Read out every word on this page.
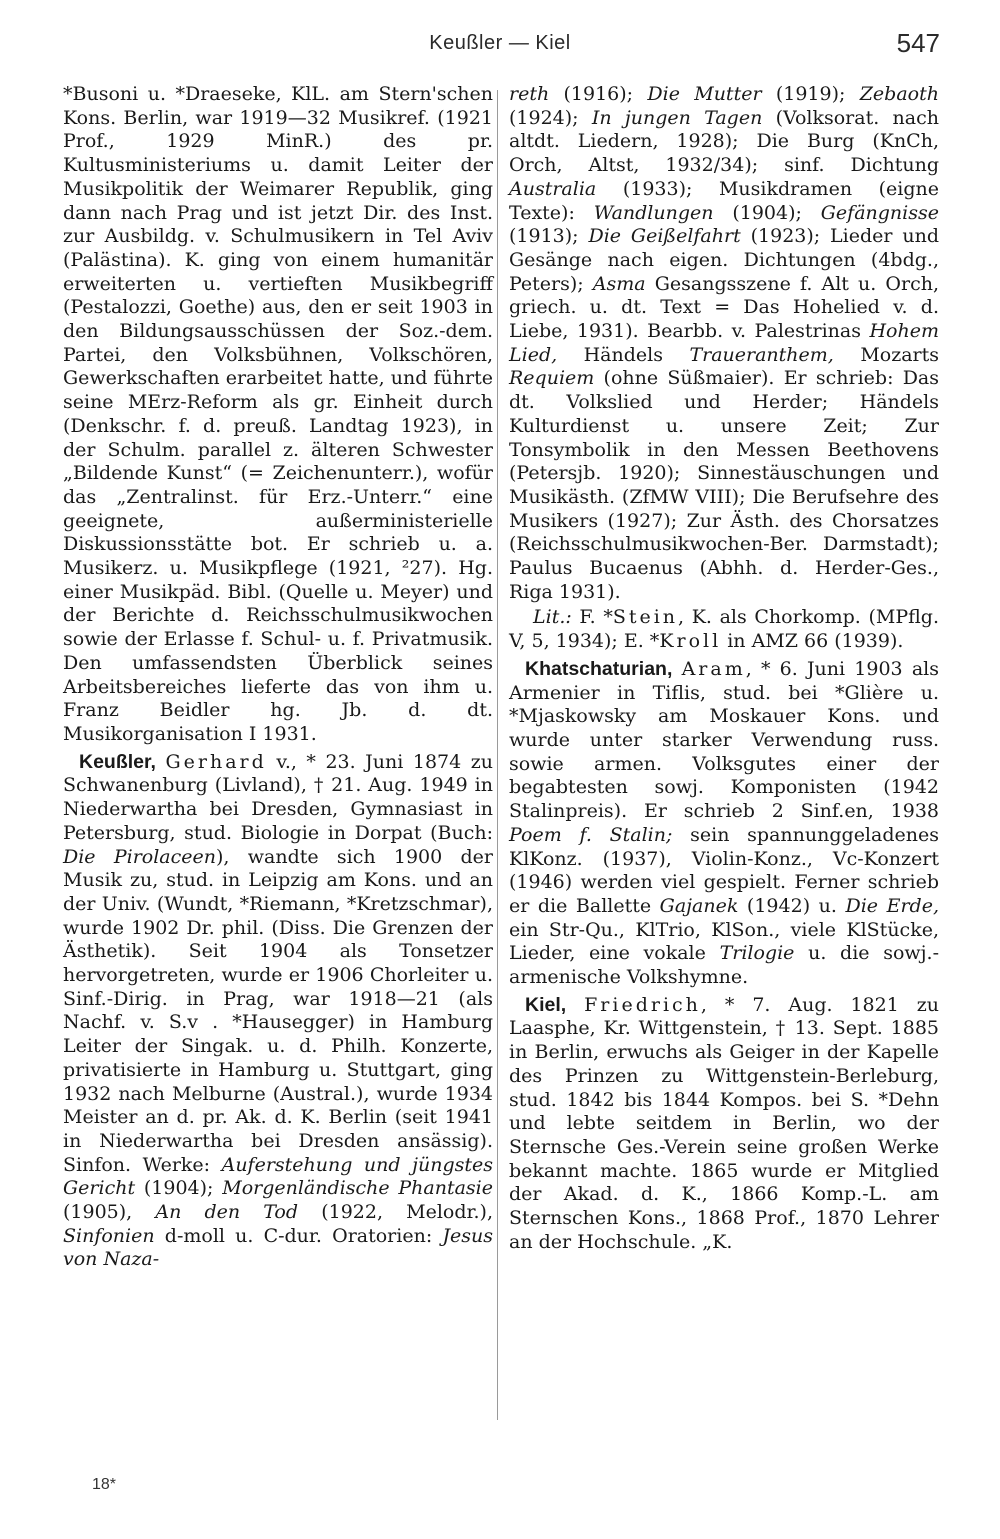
Keußler — Kiel	547

*Busoni u. *Draeseke, KlL. am Stern'schen Kons. Berlin, war 1919—32 Musikref. (1921 Prof., 1929 MinR.) des pr. Kultusministeriums u. damit Leiter der Musikpolitik der Weimarer Republik, ging dann nach Prag und ist jetzt Dir. des Inst. zur Ausbildg. v. Schulmusikern in Tel Aviv (Palästina). K. ging von einem humanitär erweiterten u. vertieften Musikbegriff (Pestalozzi, Goethe) aus, den er seit 1903 in den Bildungsausschüssen der Soz.-dem. Partei, den Volksbühnen, Volkschören, Gewerkschaften erarbeitet hatte, und führte seine MErz-Reform als gr. Einheit durch (Denkschr. f. d. preuß. Landtag 1923), in der Schulm. parallel z. älteren Schwester „Bildende Kunst“ (= Zeichenunterr.), wofür das „Zentralinst. für Erz.-Unterr.“ eine geeignete, außerministerielle Diskussionsstätte bot. Er schrieb u. a. Musikerz. u. Musikpflege (1921, ²27). Hg. einer Musikpäd. Bibl. (Quelle u. Meyer) und der Berichte d. Reichsschulmusikwochen sowie der Erlasse f. Schul- u. f. Privatmusik. Den umfassendsten Überblick seines Arbeitsbereiches lieferte das von ihm u. Franz Beidler hg. Jb. d. dt. Musikorganisation I 1931.

Keußler, Gerhard v., * 23. Juni 1874 zu Schwanenburg (Livland), † 21. Aug. 1949 in Niederwartha bei Dresden, Gymnasiast in Petersburg, stud. Biologie in Dorpat (Buch: Die Pirolaceen), wandte sich 1900 der Musik zu, stud. in Leipzig am Kons. und an der Univ. (Wundt, *Riemann, *Kretzschmar), wurde 1902 Dr. phil. (Diss. Die Grenzen der Ästhetik). Seit 1904 als Tonsetzer hervorgetreten, wurde er 1906 Chorleiter u. Sinf.-Dirig. in Prag, war 1918—21 (als Nachf. v. S.v . *Hausegger) in Hamburg Leiter der Singak. u. d. Philh. Konzerte, privatisierte in Hamburg u. Stuttgart, ging 1932 nach Melburne (Austral.), wurde 1934 Meister an d. pr. Ak. d. K. Berlin (seit 1941 in Niederwartha bei Dresden ansässig). Sinfon. Werke: Auferstehung und jüngstes Gericht (1904); Morgenländische Phantasie (1905), An den Tod (1922, Melodr.), Sinfonien d-moll u. C-dur. Oratorien: Jesus von Naza-

reth (1916); Die Mutter (1919); Zebaoth (1924); In jungen Tagen (Volksorat. nach altdt. Liedern, 1928); Die Burg (KnCh, Orch, Altst, 1932/34); sinf. Dichtung Australia (1933); Musikdramen (eigne Texte): Wandlungen (1904); Gefängnisse (1913); Die Geißelfahrt (1923); Lieder und Gesänge nach eigen. Dichtungen (4bdg., Peters); Asma Gesangsszene f. Alt u. Orch, griech. u. dt. Text = Das Hohelied v. d. Liebe, 1931). Bearbb. v. Palestrinas Hohem Lied, Händels Traueranthem, Mozarts Requiem (ohne Süßmaier). Er schrieb: Das dt. Volkslied und Herder; Händels Kulturdienst u. unsere Zeit; Zur Tonsymbolik in den Messen Beethovens (Petersjb. 1920); Sinnestäuschungen und Musikästh. (ZfMW VIII); Die Berufsehre des Musikers (1927); Zur Ästh. des Chorsatzes (Reichsschulmusikwochen-Ber. Darmstadt); Paulus Bucaenus (Abhh. d. Herder-Ges., Riga 1931).

Lit.: F. *Stein, K. als Chorkomp. (MPflg. V, 5, 1934); E. *Kroll in AMZ 66 (1939).

Khatschaturian, Aram, * 6. Juni 1903 als Armenier in Tiflis, stud. bei *Glière u. *Mjaskowsky am Moskauer Kons. und wurde unter starker Verwendung russ. sowie armen. Volksgutes einer der begabtesten sowj. Komponisten (1942 Stalinpreis). Er schrieb 2 Sinf.en, 1938 Poem f. Stalin; sein spannunggeladenes KlKonz. (1937), Violin-Konz., Vc-Konzert (1946) werden viel gespielt. Ferner schrieb er die Ballette Gajanek (1942) u. Die Erde, ein Str-Qu., KlTrio, KlSon., viele KlStücke, Lieder, eine vokale Trilogie u. die sowj.-armenische Volkshymne.

Kiel, Friedrich, * 7. Aug. 1821 zu Laasphe, Kr. Wittgenstein, † 13. Sept. 1885 in Berlin, erwuchs als Geiger in der Kapelle des Prinzen zu Wittgenstein-Berleburg, stud. 1842 bis 1844 Kompos. bei S. *Dehn und lebte seitdem in Berlin, wo der Sternsche Ges.-Verein seine großen Werke bekannt machte. 1865 wurde er Mitglied der Akad. d. K., 1866 Komp.-L. am Sternschen Kons., 1868 Prof., 1870 Lehrer an der Hochschule. „K.

18*
